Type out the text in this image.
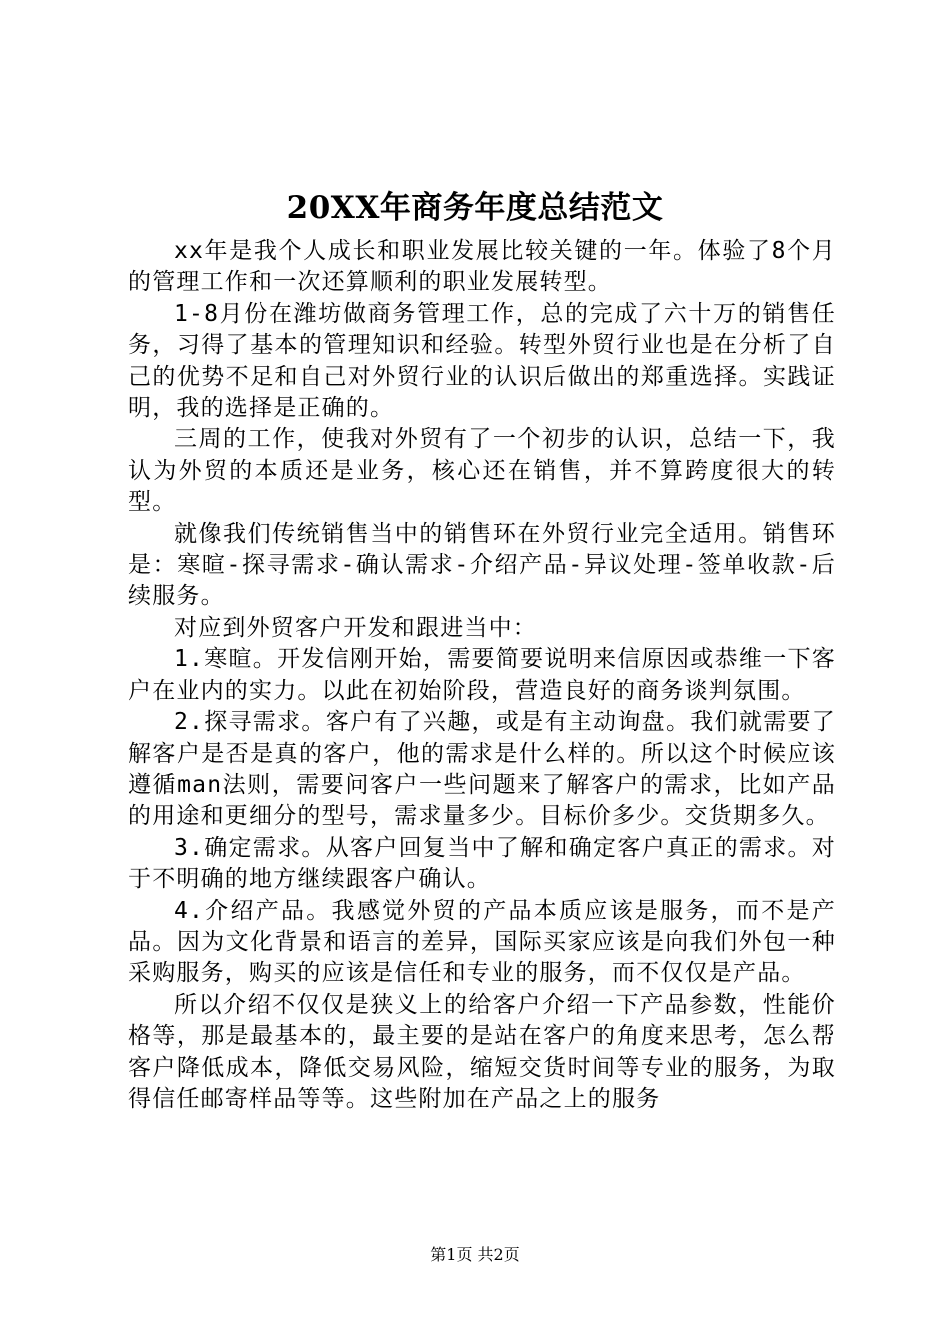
20XX年商务年度总结范文

xx年是我个人成长和职业发展比较关键的一年。体验了8个月的管理工作和一次还算顺利的职业发展转型。

1-8月份在潍坊做商务管理工作，总的完成了六十万的销售任务，习得了基本的管理知识和经验。转型外贸行业也是在分析了自己的优势不足和自己对外贸行业的认识后做出的郑重选择。实践证明，我的选择是正确的。

三周的工作，使我对外贸有了一个初步的认识，总结一下，我认为外贸的本质还是业务，核心还在销售，并不算跨度很大的转型。

就像我们传统销售当中的销售环在外贸行业完全适用。销售环是：寒暄-探寻需求-确认需求-介绍产品-异议处理-签单收款-后续服务。

对应到外贸客户开发和跟进当中：

1.寒暄。开发信刚开始，需要简要说明来信原因或恭维一下客户在业内的实力。以此在初始阶段，营造良好的商务谈判氛围。

2.探寻需求。客户有了兴趣，或是有主动询盘。我们就需要了解客户是否是真的客户，他的需求是什么样的。所以这个时候应该遵循man法则，需要问客户一些问题来了解客户的需求，比如产品的用途和更细分的型号，需求量多少。目标价多少。交货期多久。

3.确定需求。从客户回复当中了解和确定客户真正的需求。对于不明确的地方继续跟客户确认。

4.介绍产品。我感觉外贸的产品本质应该是服务，而不是产品。因为文化背景和语言的差异，国际买家应该是向我们外包一种采购服务，购买的应该是信任和专业的服务，而不仅仅是产品。

所以介绍不仅仅是狭义上的给客户介绍一下产品参数，性能价格等，那是最基本的，最主要的是站在客户的角度来思考，怎么帮客户降低成本，降低交易风险，缩短交货时间等专业的服务，为取得信任邮寄样品等等。这些附加在产品之上的服务

第1页 共2页
